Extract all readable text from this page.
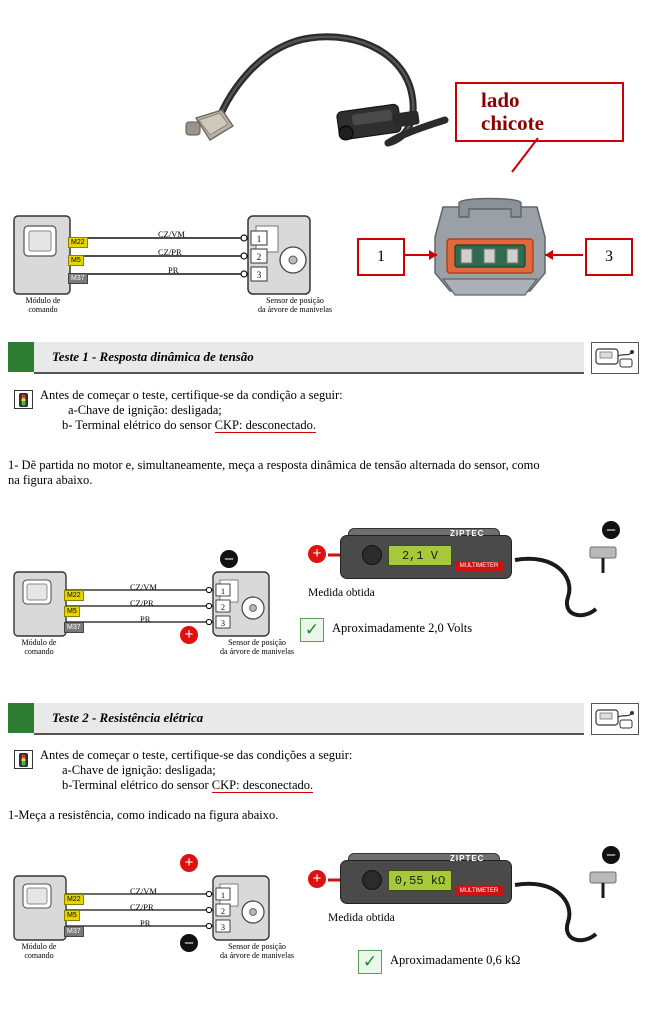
lado
chicote
1
2
3
M22
M5
M37
CZ/VM
CZ/PR
PR
Módulo de
comando
Sensor de posição
da árvore de manivelas
1	3
Teste 1 - Resposta dinâmica de tensão
Antes de começar o teste, certifique-se da condição a seguir:
a-Chave de ignição: desligada;
b- Terminal elétrico do sensor CKP: desconectado.
1- Dê partida no motor e, simultaneamente, meça a resposta dinâmica de tensão alternada do sensor, como
na figura abaixo.
1
2
3
M22
M5
M37
CZ/VM
CZ/PR
PR
Módulo de
comando
Sensor de posição
da árvore de manivelas
–
+
ZIPTEC
2,1 V
MULTIMETER
+
–
Medida obtida
✓	Aproximadamente 2,0 Volts
Teste 2 - Resistência elétrica
Antes de começar o teste, certifique-se das condições a seguir:
a-Chave de ignição: desligada;
b-Terminal elétrico do sensor CKP: desconectado.
1-Meça a resistência, como indicado na figura abaixo.
1
2
3
M22
M5
M37
CZ/VM
CZ/PR
PR
Módulo de
comando
Sensor de posição
da árvore de manivelas
+
–
ZIPTEC
0,55 kΩ
MULTIMETER
+
–
Medida obtida
✓	Aproximadamente 0,6 kΩ
